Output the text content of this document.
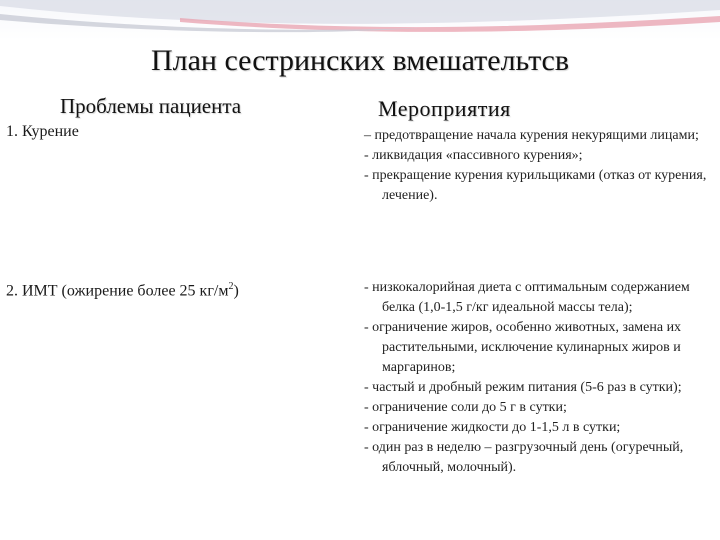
План сестринских вмешательтсв
Проблемы пациента	Мероприятия
1. Курение	– предотвращение начала курения некурящими лицами;
- ликвидация «пассивного курения»;
- прекращение курения курильщиками (отказ от курения, лечение).
2. ИМТ (ожирение более 25 $кг/м^2$)	- низкокалорийная диета с оптимальным содержанием белка (1,0-1,5 г/кг идеальной массы тела);
- ограничение жиров, особенно животных, замена их растительными, исключение кулинарных жиров и маргаринов;
- частый и дробный режим питания (5-6 раз в сутки);
- ограничение соли до 5 г в сутки;
- ограничение жидкости до 1-1,5 л в сутки;
- один раз в неделю – разгрузочный день (огуречный, яблочный, молочный).
